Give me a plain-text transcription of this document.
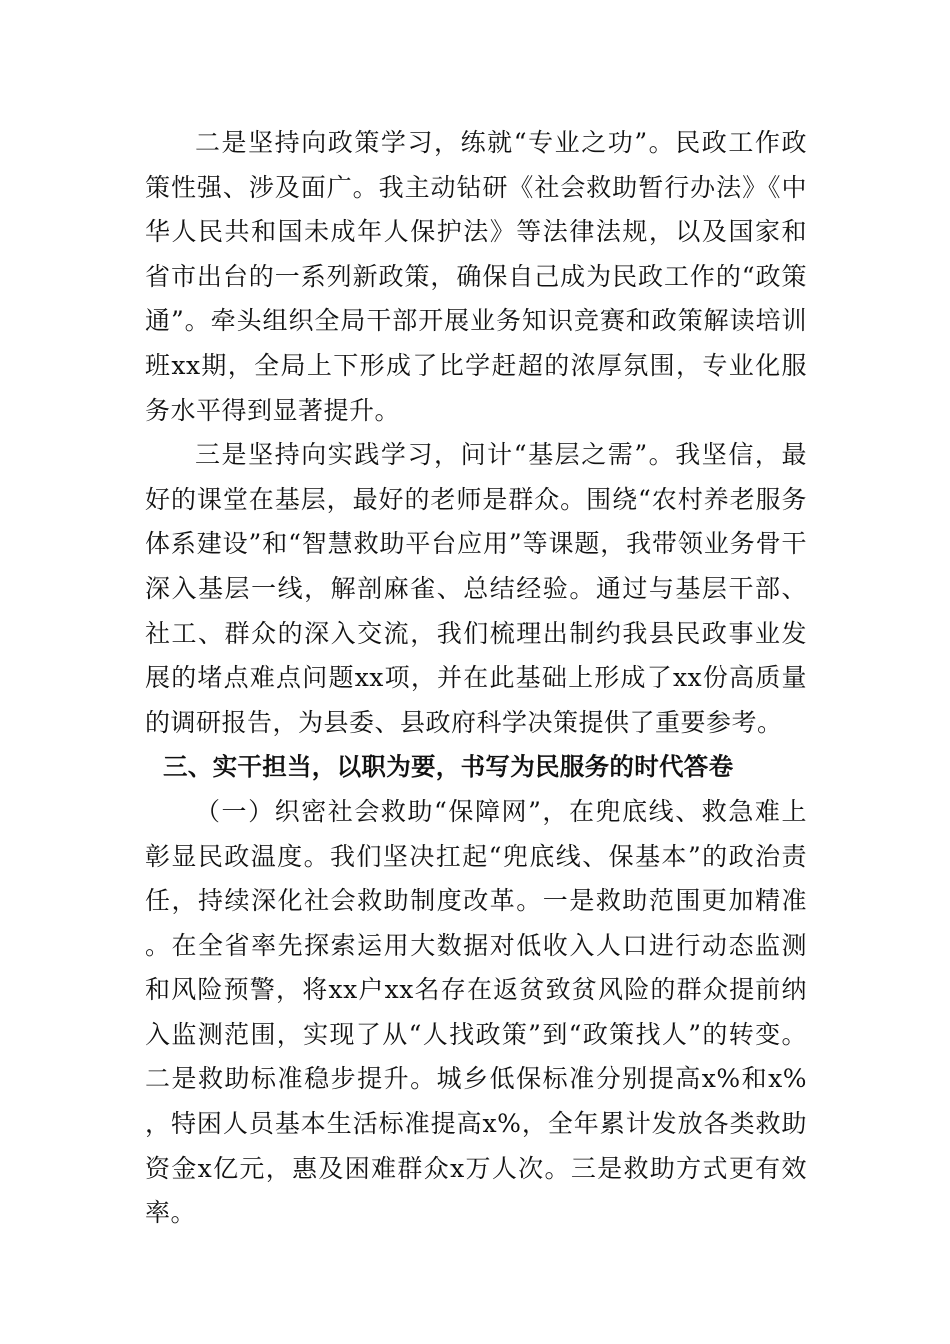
二是坚持向政策学习，练就“专业之功”。民政工作政策性强、涉及面广。我主动钻研《社会救助暂行办法》《中华人民共和国未成年人保护法》等法律法规，以及国家和省市出台的一系列新政策，确保自己成为民政工作的“政策通”。牵头组织全局干部开展业务知识竞赛和政策解读培训班xx期，全局上下形成了比学赶超的浓厚氛围，专业化服务水平得到显著提升。

三是坚持向实践学习，问计“基层之需”。我坚信，最好的课堂在基层，最好的老师是群众。围绕“农村养老服务体系建设”和“智慧救助平台应用”等课题，我带领业务骨干深入基层一线，解剖麻雀、总结经验。通过与基层干部、社工、群众的深入交流，我们梳理出制约我县民政事业发展的堵点难点问题xx项，并在此基础上形成了xx份高质量的调研报告，为县委、县政府科学决策提供了重要参考。

三、实干担当，以职为要，书写为民服务的时代答卷

（一）织密社会救助“保障网”，在兜底线、救急难上彰显民政温度。我们坚决扛起“兜底线、保基本”的政治责任，持续深化社会救助制度改革。一是救助范围更加精准。在全省率先探索运用大数据对低收入人口进行动态监测和风险预警，将xx户xx名存在返贫致贫风险的群众提前纳入监测范围，实现了从“人找政策”到“政策找人”的转变。二是救助标准稳步提升。城乡低保标准分别提高x%和x%，特困人员基本生活标准提高x%，全年累计发放各类救助资金x亿元，惠及困难群众x万人次。三是救助方式更有效率。
